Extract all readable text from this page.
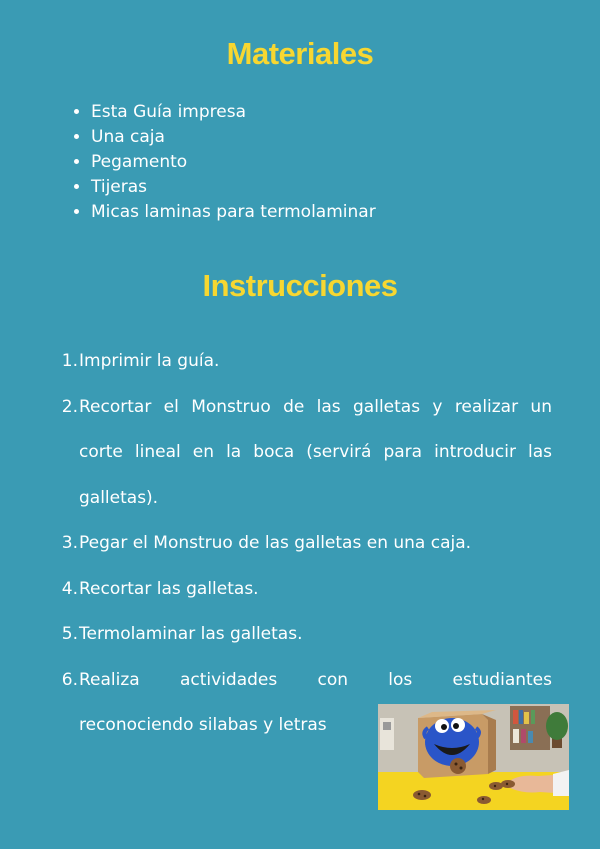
Materiales
• Esta Guía impresa
• Una caja
• Pegamento
• Tijeras
• Micas laminas para termolaminar
Instrucciones
1. Imprimir la guía.
2. Recortar el Monstruo de las galletas y realizar un
corte lineal en la boca (servirá para introducir las
galletas).
3. Pegar el Monstruo de las galletas en una caja.
4. Recortar las galletas.
5. Termolaminar las galletas.
6. Realiza actividades con los estudiantes
reconociendo silabas y letras
